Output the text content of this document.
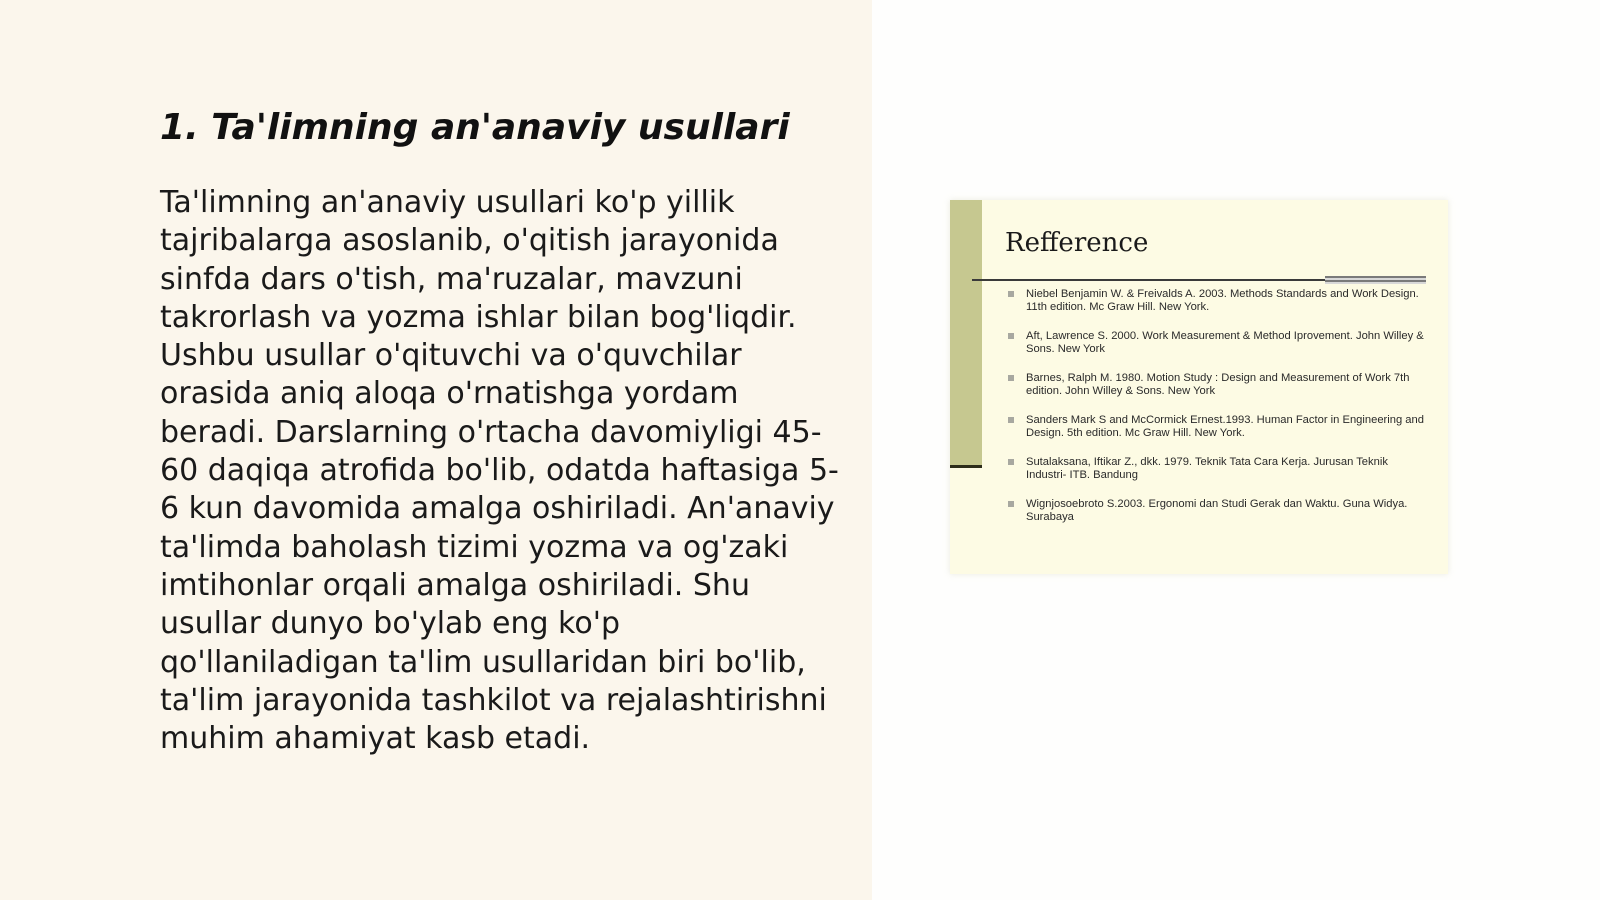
1. Ta'limning an'anaviy usullari

Ta'limning an'anaviy usullari ko'p yillik tajribalarga asoslanib, o'qitish jarayonida sinfda dars o'tish, ma'ruzalar, mavzuni takrorlash va yozma ishlar bilan bog'liqdir. Ushbu usullar o'qituvchi va o'quvchilar orasida aniq aloqa o'rnatishga yordam beradi. Darslarning o'rtacha davomiyligi 45-60 daqiqa atrofida bo'lib, odatda haftasiga 5-6 kun davomida amalga oshiriladi. An'anaviy ta'limda baholash tizimi yozma va og'zaki imtihonlar orqali amalga oshiriladi. Shu usullar dunyo bo'ylab eng ko'p qo'llaniladigan ta'lim usullaridan biri bo'lib, ta'lim jarayonida tashkilot va rejalashtirishni muhim ahamiyat kasb etadi.

Refference
Niebel Benjamin W. & Freivalds A. 2003. Methods Standards and Work Design. 11th edition. Mc Graw Hill. New York.
Aft, Lawrence S. 2000. Work Measurement & Method Iprovement. John Willey & Sons. New York
Barnes, Ralph M. 1980. Motion Study : Design and Measurement of Work 7th edition. John Willey & Sons. New York
Sanders Mark S and McCormick Ernest.1993. Human Factor in Engineering and Design. 5th edition. Mc Graw Hill. New York.
Sutalaksana, Iftikar Z., dkk. 1979. Teknik Tata Cara Kerja. Jurusan Teknik Industri- ITB. Bandung
Wignjosoebroto S.2003. Ergonomi dan Studi Gerak dan Waktu. Guna Widya. Surabaya
